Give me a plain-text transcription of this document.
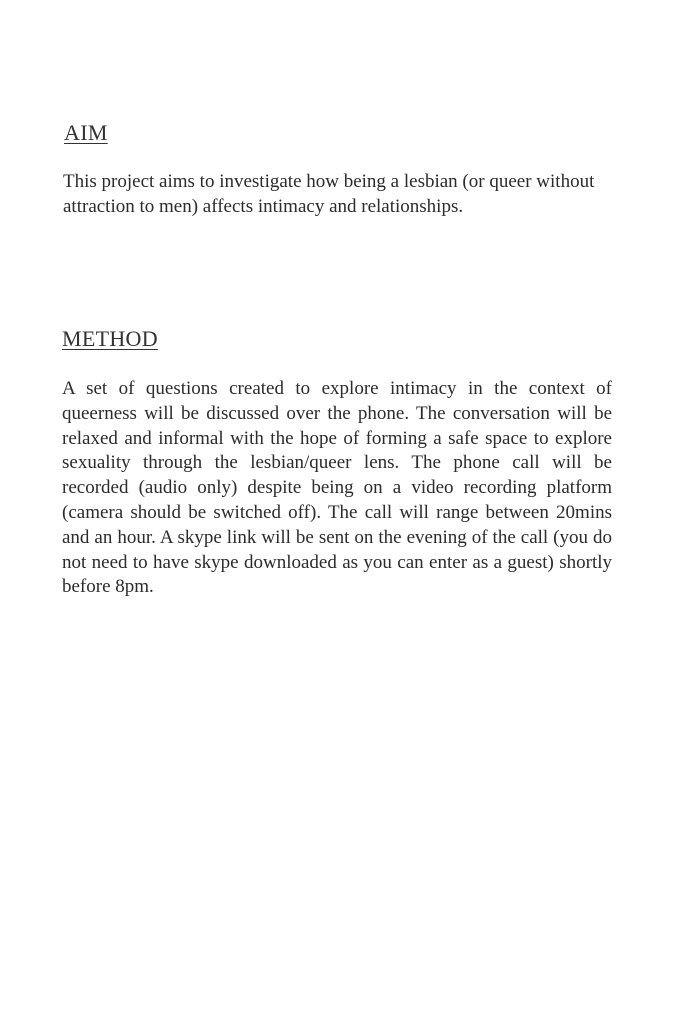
AIM

This project aims to investigate how being a lesbian (or queer without attraction to men) affects intimacy and relationships.

METHOD

A set of questions created to explore intimacy in the context of queerness will be discussed over the phone. The conversation will be relaxed and informal with the hope of forming a safe space to explore sexuality through the lesbian/queer lens. The phone call will be recorded (audio only) despite being on a video recording platform (camera should be switched off). The call will range between 20mins and an hour. A skype link will be sent on the evening of the call (you do not need to have skype downloaded as you can enter as a guest) shortly before 8pm.
